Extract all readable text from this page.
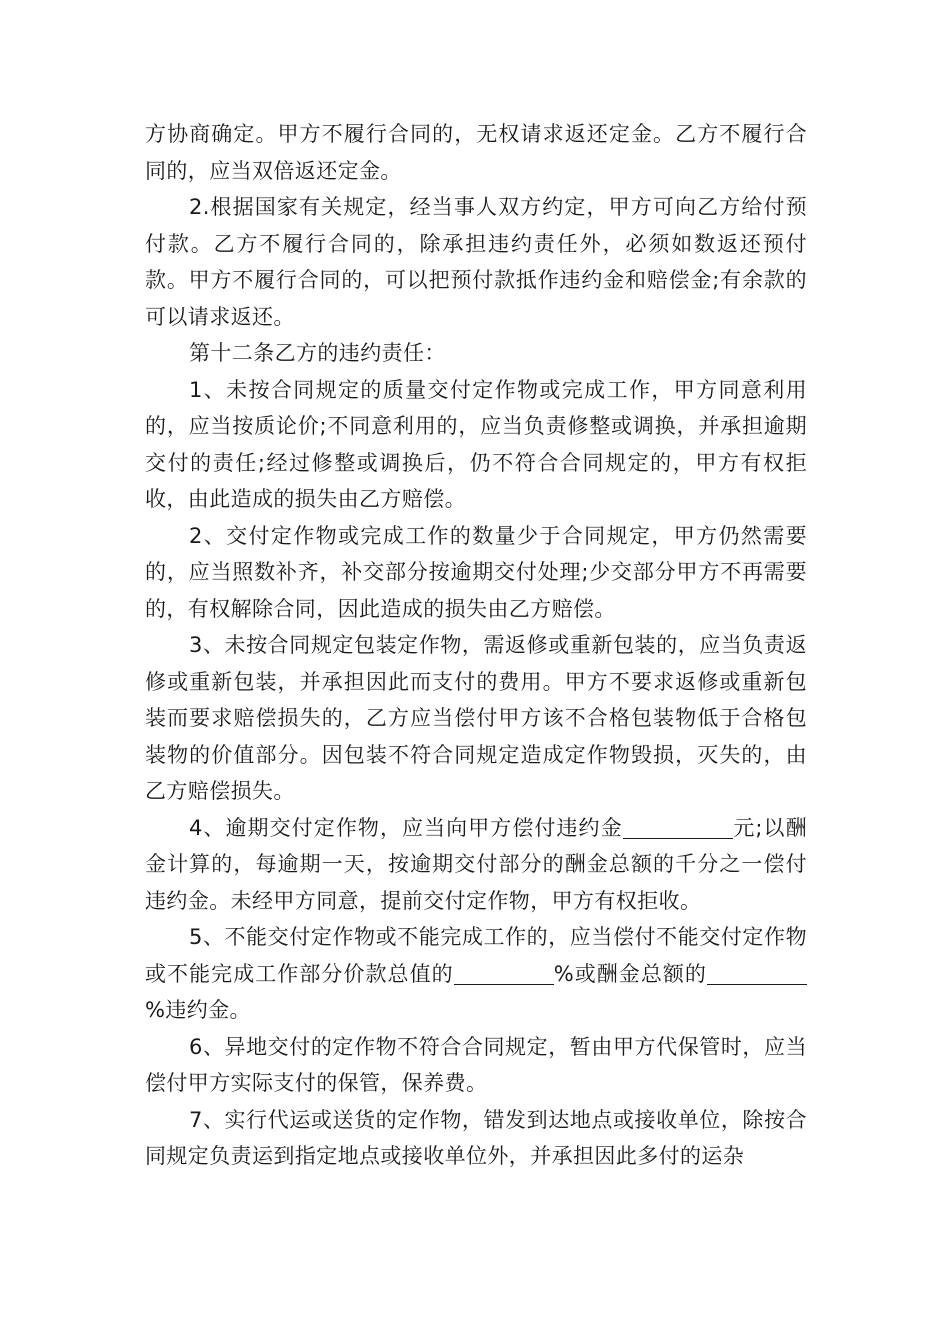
方协商确定。甲方不履行合同的，无权请求返还定金。乙方不履行合同的，应当双倍返还定金。

2.根据国家有关规定，经当事人双方约定，甲方可向乙方给付预付款。乙方不履行合同的，除承担违约责任外，必须如数返还预付款。甲方不履行合同的，可以把预付款抵作违约金和赔偿金;有余款的可以请求返还。

第十二条乙方的违约责任：

1、未按合同规定的质量交付定作物或完成工作，甲方同意利用的，应当按质论价;不同意利用的，应当负责修整或调换，并承担逾期交付的责任;经过修整或调换后，仍不符合合同规定的，甲方有权拒收，由此造成的损失由乙方赔偿。

2、交付定作物或完成工作的数量少于合同规定，甲方仍然需要的，应当照数补齐，补交部分按逾期交付处理;少交部分甲方不再需要的，有权解除合同，因此造成的损失由乙方赔偿。

3、未按合同规定包装定作物，需返修或重新包装的，应当负责返修或重新包装，并承担因此而支付的费用。甲方不要求返修或重新包装而要求赔偿损失的，乙方应当偿付甲方该不合格包装物低于合格包装物的价值部分。因包装不符合同规定造成定作物毁损，灭失的，由乙方赔偿损失。

4、逾期交付定作物，应当向甲方偿付违约金	元;以酬金计算的，每逾期一天，按逾期交付部分的酬金总额的千分之一偿付违约金。未经甲方同意，提前交付定作物，甲方有权拒收。

5、不能交付定作物或不能完成工作的，应当偿付不能交付定作物或不能完成工作部分价款总值的	%或酬金总额的%违约金。

6、异地交付的定作物不符合合同规定，暂由甲方代保管时，应当偿付甲方实际支付的保管，保养费。

7、实行代运或送货的定作物，错发到达地点或接收单位，除按合同规定负责运到指定地点或接收单位外，并承担因此多付的运杂
